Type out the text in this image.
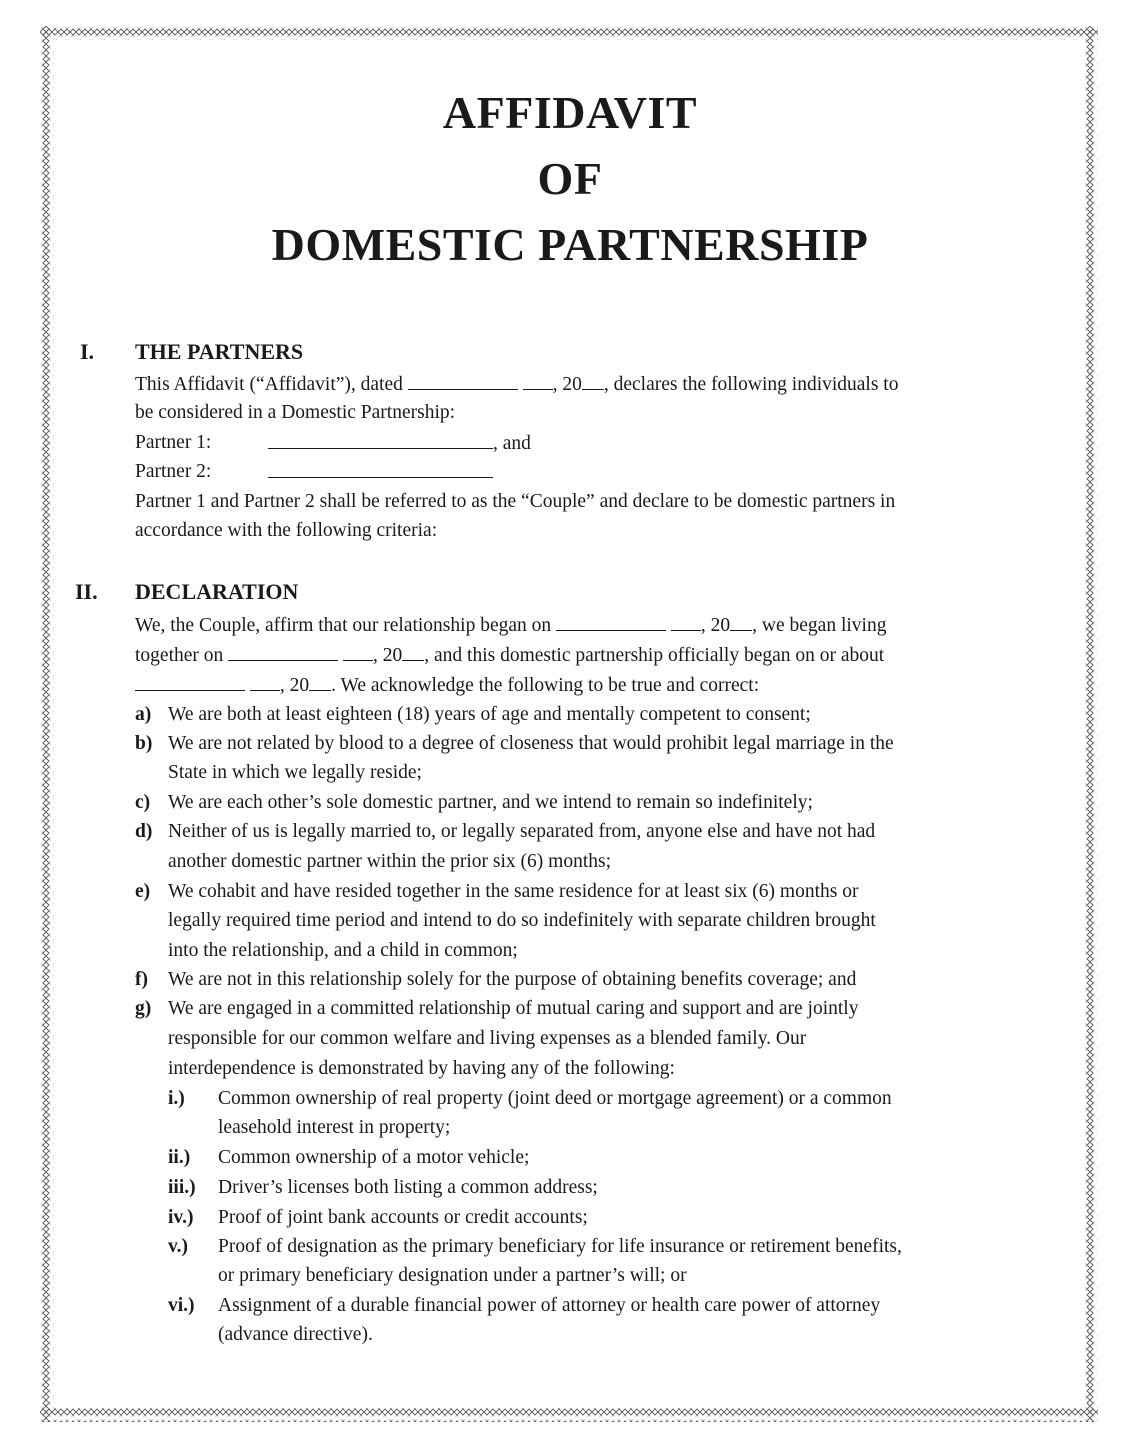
AFFIDAVIT
OF
DOMESTIC PARTNERSHIP
I. THE PARTNERS
This Affidavit (“Affidavit”), dated	, 20 , declares the following individuals to
be considered in a Domestic Partnership:
Partner 1:	, and
Partner 2:
Partner 1 and Partner 2 shall be referred to as the “Couple” and declare to be domestic partners in
accordance with the following criteria:
II. DECLARATION
We, the Couple, affirm that our relationship began on	, 20 , we began living
together on	, 20 , and this domestic partnership officially began on or about
, 20 . We acknowledge the following to be true and correct:
a) We are both at least eighteen (18) years of age and mentally competent to consent;
b) We are not related by blood to a degree of closeness that would prohibit legal marriage in the
State in which we legally reside;
c) We are each other’s sole domestic partner, and we intend to remain so indefinitely;
d) Neither of us is legally married to, or legally separated from, anyone else and have not had
another domestic partner within the prior six (6) months;
e) We cohabit and have resided together in the same residence for at least six (6) months or
legally required time period and intend to do so indefinitely with separate children brought
into the relationship, and a child in common;
f) We are not in this relationship solely for the purpose of obtaining benefits coverage; and
g) We are engaged in a committed relationship of mutual caring and support and are jointly
responsible for our common welfare and living expenses as a blended family. Our
interdependence is demonstrated by having any of the following:
i.) Common ownership of real property (joint deed or mortgage agreement) or a common
leasehold interest in property;
ii.) Common ownership of a motor vehicle;
iii.) Driver’s licenses both listing a common address;
iv.) Proof of joint bank accounts or credit accounts;
v.) Proof of designation as the primary beneficiary for life insurance or retirement benefits,
or primary beneficiary designation under a partner’s will; or
vi.) Assignment of a durable financial power of attorney or health care power of attorney
(advance directive).
